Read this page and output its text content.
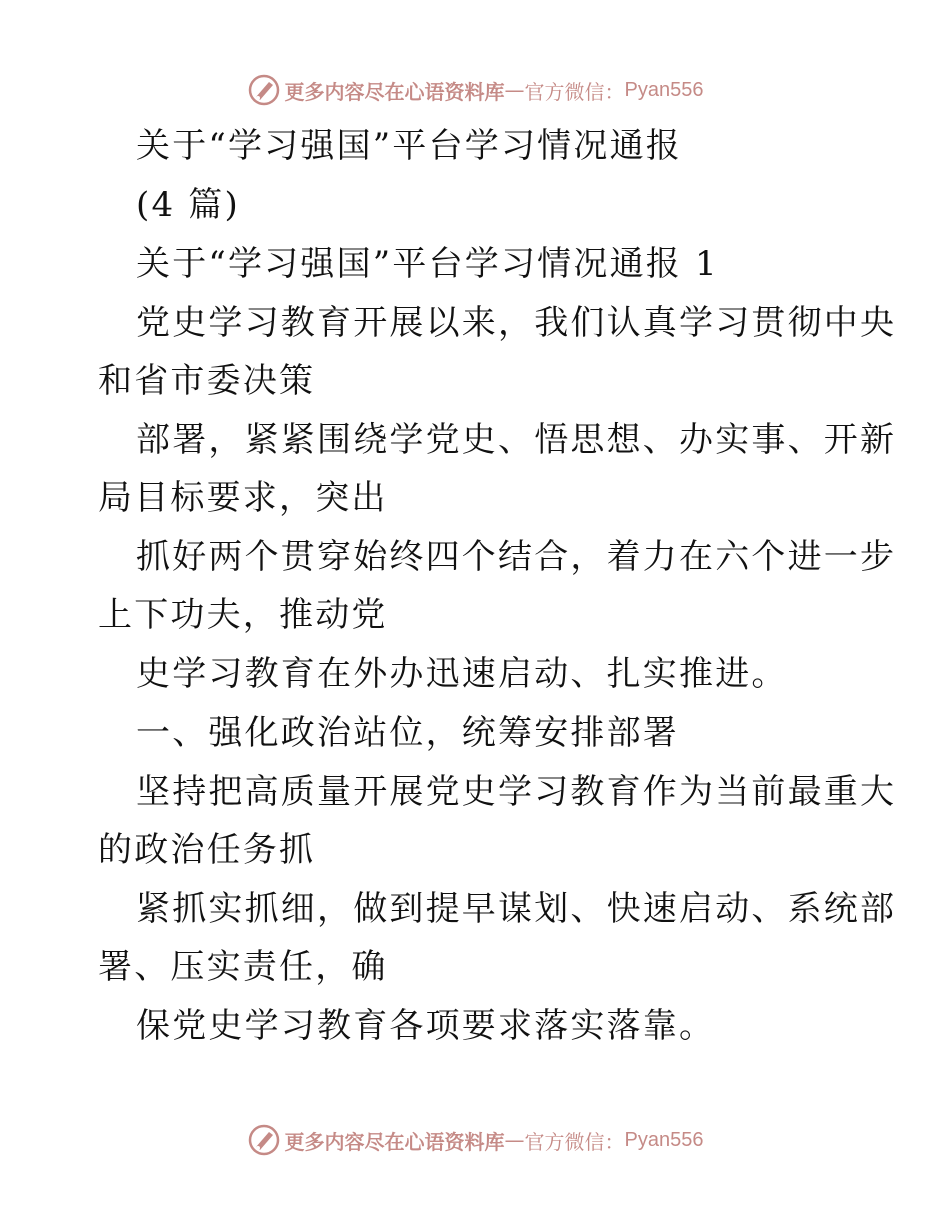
更多内容尽在心语资料库 — 官方微信： Pyan556
关于“学习强国”平台学习情况通报
(4 篇)
关于“学习强国”平台学习情况通报 1
党史学习教育开展以来，我们认真学习贯彻中央
和省市委决策
部署，紧紧围绕学党史、悟思想、办实事、开新
局目标要求，突出
抓好两个贯穿始终四个结合，着力在六个进一步
上下功夫，推动党
史学习教育在外办迅速启动、扎实推进。
一、强化政治站位，统筹安排部署
坚持把高质量开展党史学习教育作为当前最重大
的政治任务抓
紧抓实抓细，做到提早谋划、快速启动、系统部
署、压实责任，确
保党史学习教育各项要求落实落靠。
更多内容尽在心语资料库 — 官方微信： Pyan556
